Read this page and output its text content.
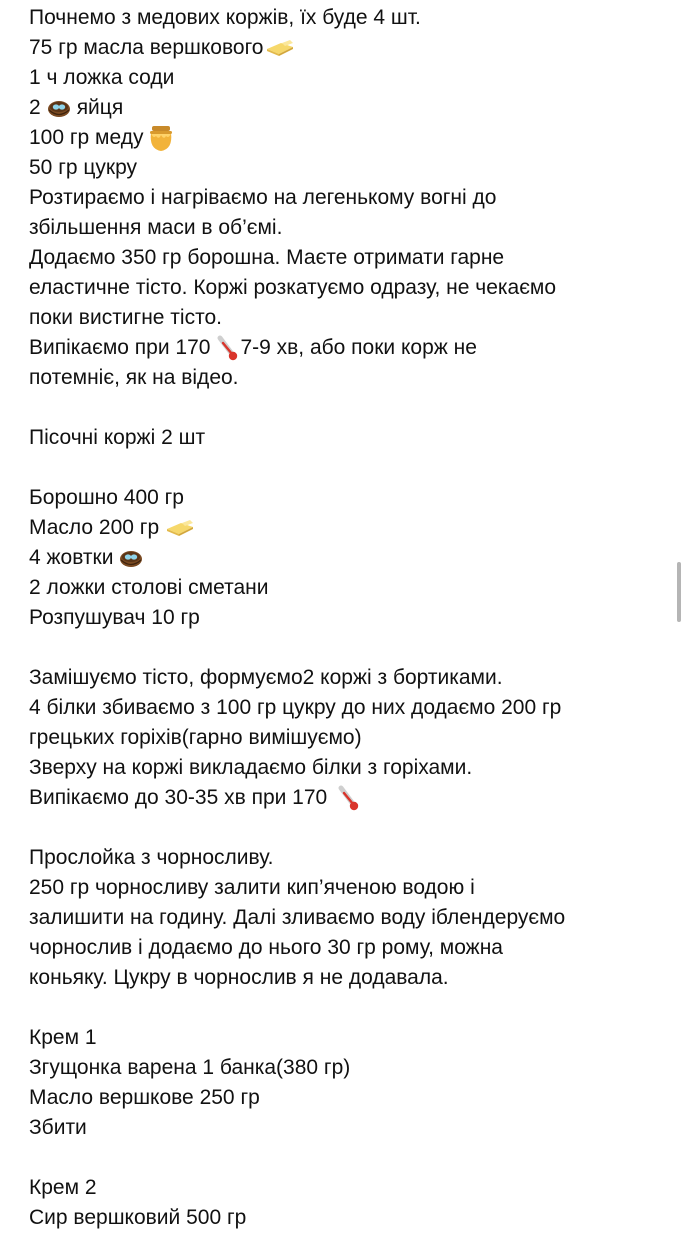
Почнемо з медових коржів, їх буде 4 шт.
75 гр масла вершкового
1 ч ложка соди
2 яйця
100 гр меду
50 гр цукру
Розтираємо і нагріваємо на легенькому вогні до
збільшення маси в об’ємі.
Додаємо 350 гр борошна. Маєте отримати гарне
еластичне тісто. Коржі розкатуємо одразу, не чекаємо
поки вистигне тісто.
Випікаємо при 170 7-9 хв, або поки корж не
потемніє, як на відео.
Пісочні коржі 2 шт
Борошно 400 гр
Масло 200 гр
4 жовтки
2 ложки столові сметани
Розпушувач 10 гр
Замішуємо тісто, формуємо2 коржі з бортиками.
4 білки збиваємо з 100 гр цукру до них додаємо 200 гр
грецьких горіхів(гарно вимішуємо)
Зверху на коржі викладаємо білки з горіхами.
Випікаємо до 30-35 хв при 170
Прослойка з чорносливу.
250 гр чорносливу залити кип’яченою водою і
залишити на годину. Далі зливаємо воду іблендеруємо
чорнослив і додаємо до нього 30 гр рому, можна
коньяку. Цукру в чорнослив я не додавала.
Крем 1
Згущонка варена 1 банка(380 гр)
Масло вершкове 250 гр
Збити
Крем 2
Сир вершковий 500 гр
